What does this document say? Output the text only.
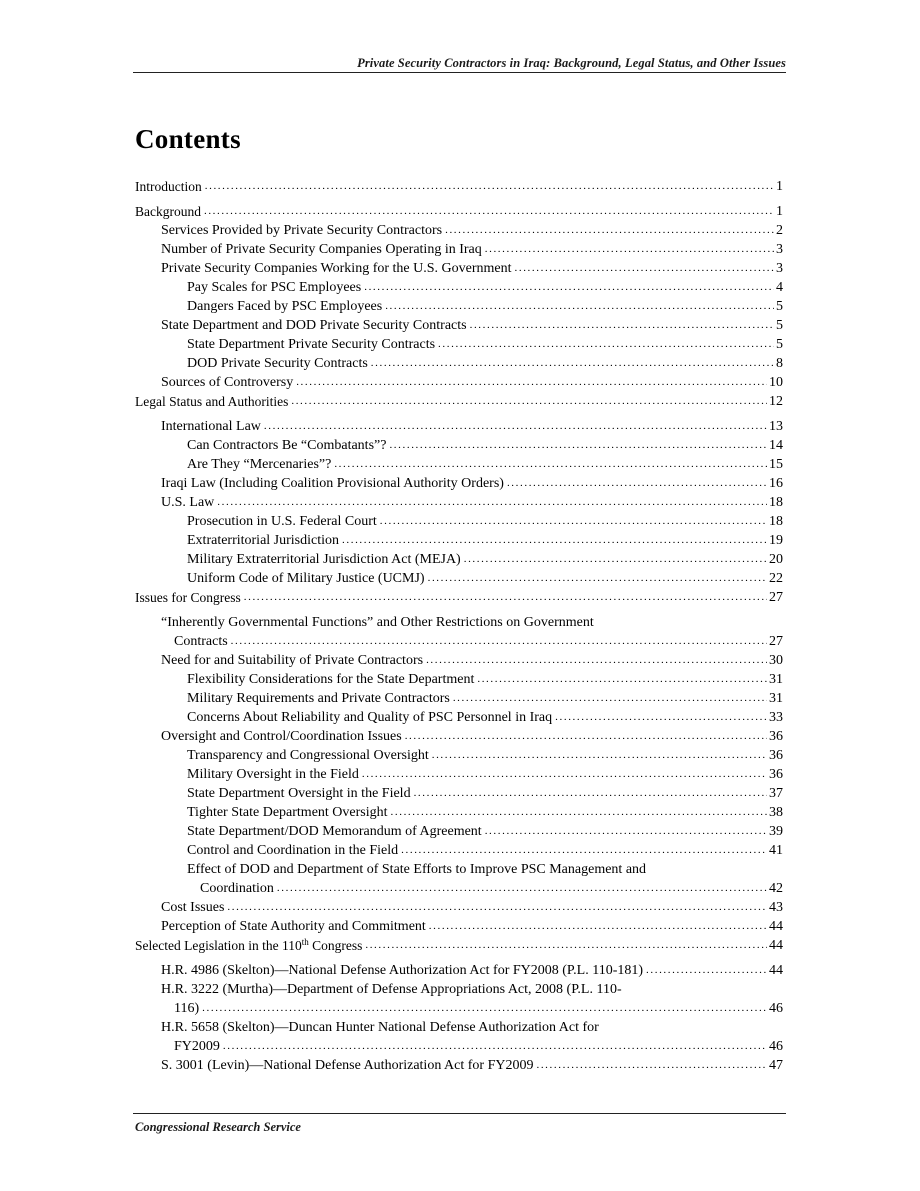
Private Security Contractors in Iraq: Background, Legal Status, and Other Issues
Contents
Introduction .....	1
Background .....	1
Services Provided by Private Security Contractors .....	2
Number of Private Security Companies Operating in Iraq .....	3
Private Security Companies Working for the U.S. Government .....	3
Pay Scales for PSC Employees .....	4
Dangers Faced by PSC Employees .....	5
State Department and DOD Private Security Contracts .....	5
State Department Private Security Contracts .....	5
DOD Private Security Contracts .....	8
Sources of Controversy .....	10
Legal Status and Authorities .....	12
International Law .....	13
Can Contractors Be “Combatants”? .....	14
Are They “Mercenaries”? .....	15
Iraqi Law (Including Coalition Provisional Authority Orders) .....	16
U.S. Law .....	18
Prosecution in U.S. Federal Court .....	18
Extraterritorial Jurisdiction .....	19
Military Extraterritorial Jurisdiction Act (MEJA) .....	20
Uniform Code of Military Justice (UCMJ) .....	22
Issues for Congress .....	27
“Inherently Governmental Functions” and Other Restrictions on Government
Contracts .....	27
Need for and Suitability of Private Contractors .....	30
Flexibility Considerations for the State Department .....	31
Military Requirements and Private Contractors .....	31
Concerns About Reliability and Quality of PSC Personnel in Iraq .....	33
Oversight and Control/Coordination Issues .....	36
Transparency and Congressional Oversight .....	36
Military Oversight in the Field .....	36
State Department Oversight in the Field .....	37
Tighter State Department Oversight .....	38
State Department/DOD Memorandum of Agreement .....	39
Control and Coordination in the Field .....	41
Effect of DOD and Department of State Efforts to Improve PSC Management and
Coordination .....	42
Cost Issues .....	43
Perception of State Authority and Commitment .....	44
Selected Legislation in the 110th Congress .....	44
H.R. 4986 (Skelton)—National Defense Authorization Act for FY2008 (P.L. 110-181) .....	44
H.R. 3222 (Murtha)—Department of Defense Appropriations Act, 2008 (P.L. 110-
116) .....	46
H.R. 5658 (Skelton)—Duncan Hunter National Defense Authorization Act for
FY2009 .....	46
S. 3001 (Levin)—National Defense Authorization Act for FY2009 .....	47
Congressional Research Service
